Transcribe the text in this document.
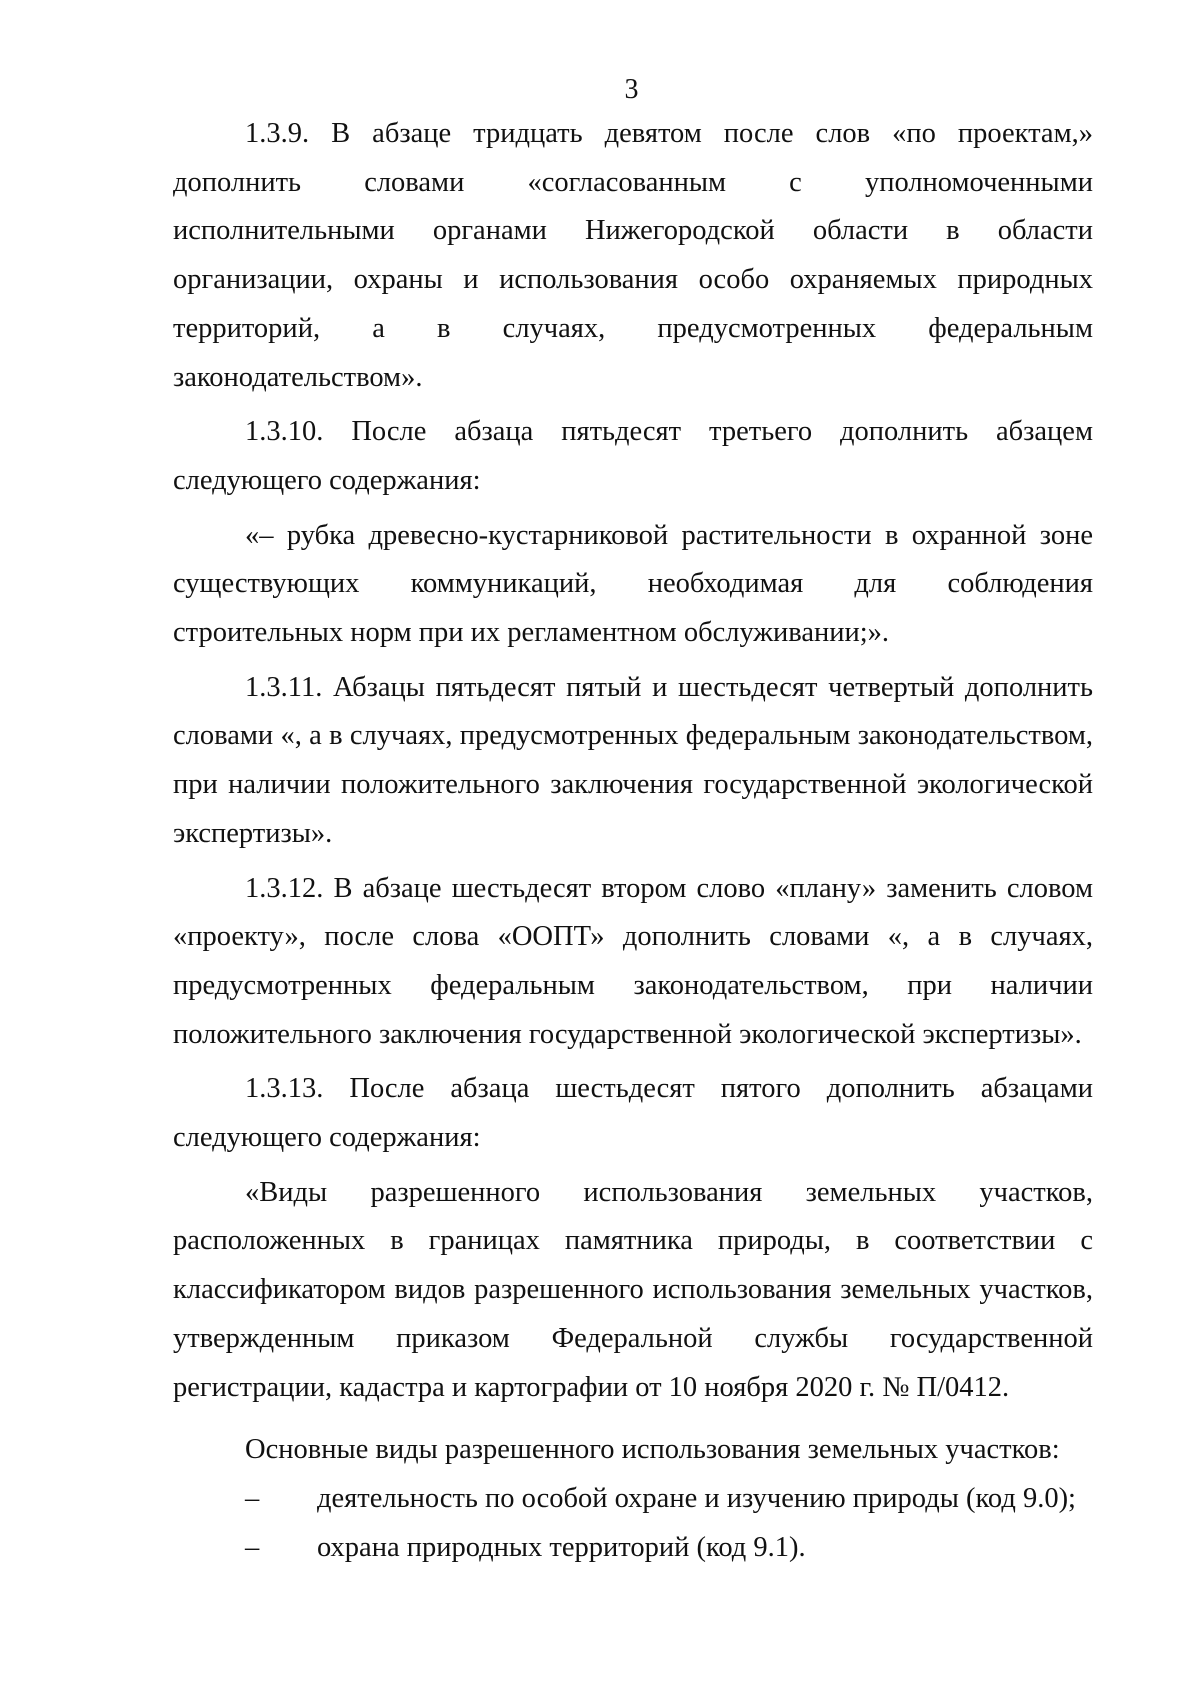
3

1.3.9. В абзаце тридцать девятом после слов «по проектам,» дополнить словами «согласованным с уполномоченными исполнительными органами Нижегородской области в области организации, охраны и использования особо охраняемых природных территорий, а в случаях, предусмотренных федеральным законодательством».

1.3.10. После абзаца пятьдесят третьего дополнить абзацем следующего содержания:

«– рубка древесно-кустарниковой растительности в охранной зоне существующих коммуникаций, необходимая для соблюдения строительных норм при их регламентном обслуживании;».

1.3.11. Абзацы пятьдесят пятый и шестьдесят четвертый дополнить словами «, а в случаях, предусмотренных федеральным законодательством, при наличии положительного заключения государственной экологической экспертизы».

1.3.12. В абзаце шестьдесят втором слово «плану» заменить словом «проекту», после слова «ООПТ» дополнить словами «, а в случаях, предусмотренных федеральным законодательством, при наличии положительного заключения государственной экологической экспертизы».

1.3.13. После абзаца шестьдесят пятого дополнить абзацами следующего содержания:

«Виды разрешенного использования земельных участков, расположенных в границах памятника природы, в соответствии с классификатором видов разрешенного использования земельных участков, утвержденным приказом Федеральной службы государственной регистрации, кадастра и картографии от 10 ноября 2020 г. № П/0412.

Основные виды разрешенного использования земельных участков:

–	деятельность по особой охране и изучению природы (код 9.0);
–	охрана природных территорий (код 9.1).
